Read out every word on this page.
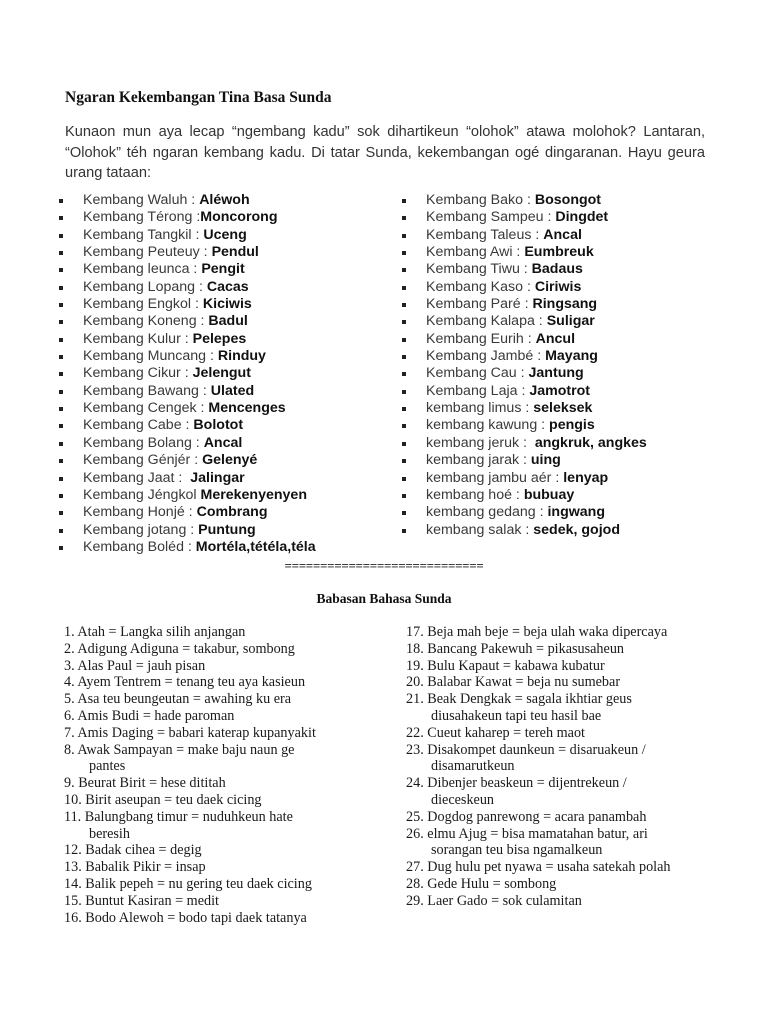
Ngaran Kekembangan Tina Basa Sunda

Kunaon mun aya lecap “ngembang kadu” sok dihartikeun “olohok” atawa molohok? Lantaran, “Olohok” téh ngaran kembang kadu. Di tatar Sunda, kekembangan ogé dingaranan. Hayu geura urang tataan:

Kembang Waluh : Aléwoh
Kembang Térong :Moncorong
Kembang Tangkil : Uceng
Kembang Peuteuy : Pendul
Kembang leunca : Pengit
Kembang Lopang : Cacas
Kembang Engkol : Kiciwis
Kembang Koneng : Badul
Kembang Kulur : Pelepes
Kembang Muncang : Rinduy
Kembang Cikur : Jelengut
Kembang Bawang : Ulated
Kembang Cengek : Mencenges
Kembang Cabe : Bolotot
Kembang Bolang : Ancal
Kembang Génjér : Gelenyé
Kembang Jaat :  Jalingar
Kembang Jéngkol Merekenyenyen
Kembang Honjé : Combrang
Kembang jotang : Puntung
Kembang Boléd : Mortéla,tétéla,téla
Kembang Bako : Bosongot
Kembang Sampeu : Dingdet
Kembang Taleus : Ancal
Kembang Awi : Eumbreuk
Kembang Tiwu : Badaus
Kembang Kaso : Ciriwis
Kembang Paré : Ringsang
Kembang Kalapa : Suligar
Kembang Eurih : Ancul
Kembang Jambé : Mayang
Kembang Cau : Jantung
Kembang Laja : Jamotrot
kembang limus : seleksek
kembang kawung : pengis
kembang jeruk :  angkruk, angkes
kembang jarak : uing
kembang jambu aér : lenyap
kembang hoé : bubuay
kembang gedang : ingwang
kembang salak : sedek, gojod
============================
Babasan Bahasa Sunda
1. Atah = Langka silih anjangan
2. Adigung Adiguna = takabur, sombong
3. Alas Paul = jauh pisan
4. Ayem Tentrem = tenang teu aya kasieun
5. Asa teu beungeutan = awahing ku era
6. Amis Budi = hade paroman
7. Amis Daging = babari katerap kupanyakit
8. Awak Sampayan = make baju naun ge
pantes
9. Beurat Birit = hese dititah
10. Birit aseupan = teu daek cicing
11. Balungbang timur = nuduhkeun hate
beresih
12. Badak cihea = degig
13. Babalik Pikir = insap
14. Balik pepeh = nu gering teu daek cicing
15. Buntut Kasiran = medit
16. Bodo Alewoh = bodo tapi daek tatanya
17. Beja mah beje = beja ulah waka dipercaya
18. Bancang Pakewuh = pikasusaheun
19. Bulu Kapaut = kabawa kubatur
20. Balabar Kawat = beja nu sumebar
21. Beak Dengkak = sagala ikhtiar geus
diusahakeun tapi teu hasil bae
22. Cueut kaharep = tereh maot
23. Disakompet daunkeun = disaruakeun /
disamarutkeun
24. Dibenjer beaskeun = dijentrekeun /
dieceskeun
25. Dogdog panrewong = acara panambah
26. elmu Ajug = bisa mamatahan batur, ari
sorangan teu bisa ngamalkeun
27. Dug hulu pet nyawa = usaha satekah polah
28. Gede Hulu = sombong
29. Laer Gado = sok culamitan
